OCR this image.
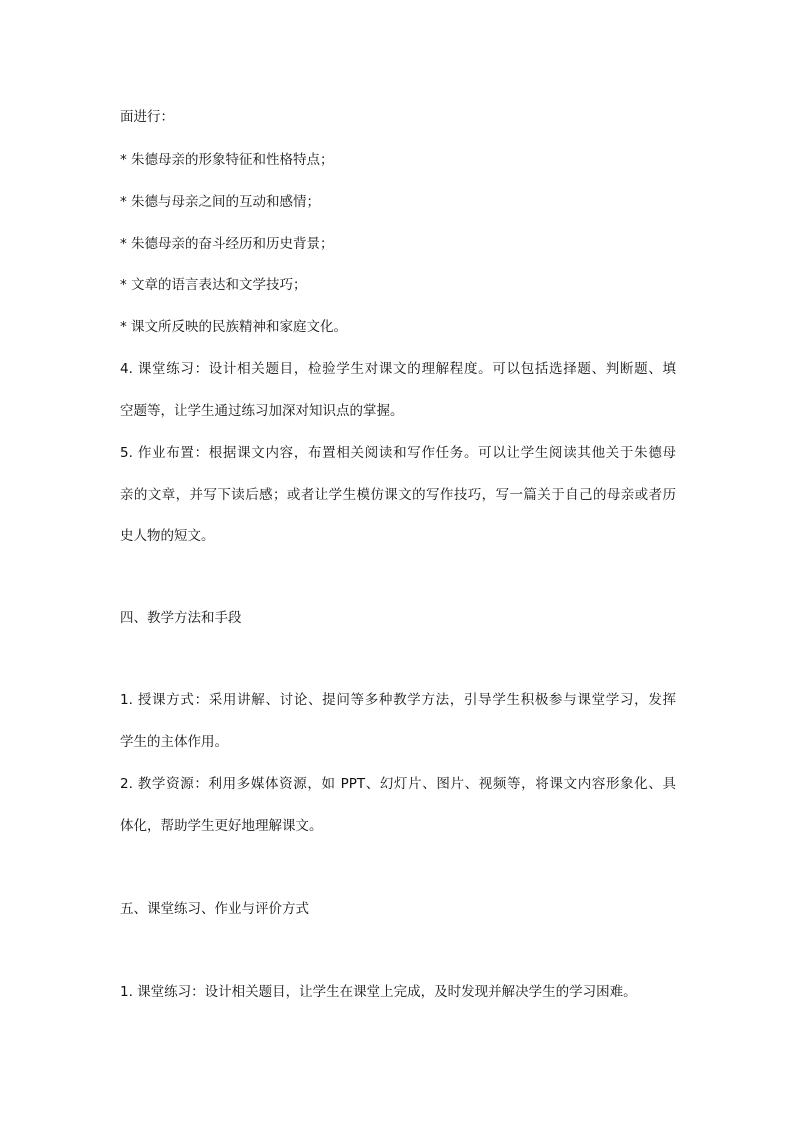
面进行：
* 朱德母亲的形象特征和性格特点；
* 朱德与母亲之间的互动和感情；
* 朱德母亲的奋斗经历和历史背景；
* 文章的语言表达和文学技巧；
* 课文所反映的民族精神和家庭文化。
4. 课堂练习：设计相关题目，检验学生对课文的理解程度。可以包括选择题、判断题、填
空题等，让学生通过练习加深对知识点的掌握。
5. 作业布置：根据课文内容，布置相关阅读和写作任务。可以让学生阅读其他关于朱德母
亲的文章，并写下读后感；或者让学生模仿课文的写作技巧，写一篇关于自己的母亲或者历
史人物的短文。
四、教学方法和手段
1. 授课方式：采用讲解、讨论、提问等多种教学方法，引导学生积极参与课堂学习，发挥
学生的主体作用。
2. 教学资源：利用多媒体资源，如 PPT、幻灯片、图片、视频等，将课文内容形象化、具
体化，帮助学生更好地理解课文。
五、课堂练习、作业与评价方式
1. 课堂练习：设计相关题目，让学生在课堂上完成，及时发现并解决学生的学习困难。
